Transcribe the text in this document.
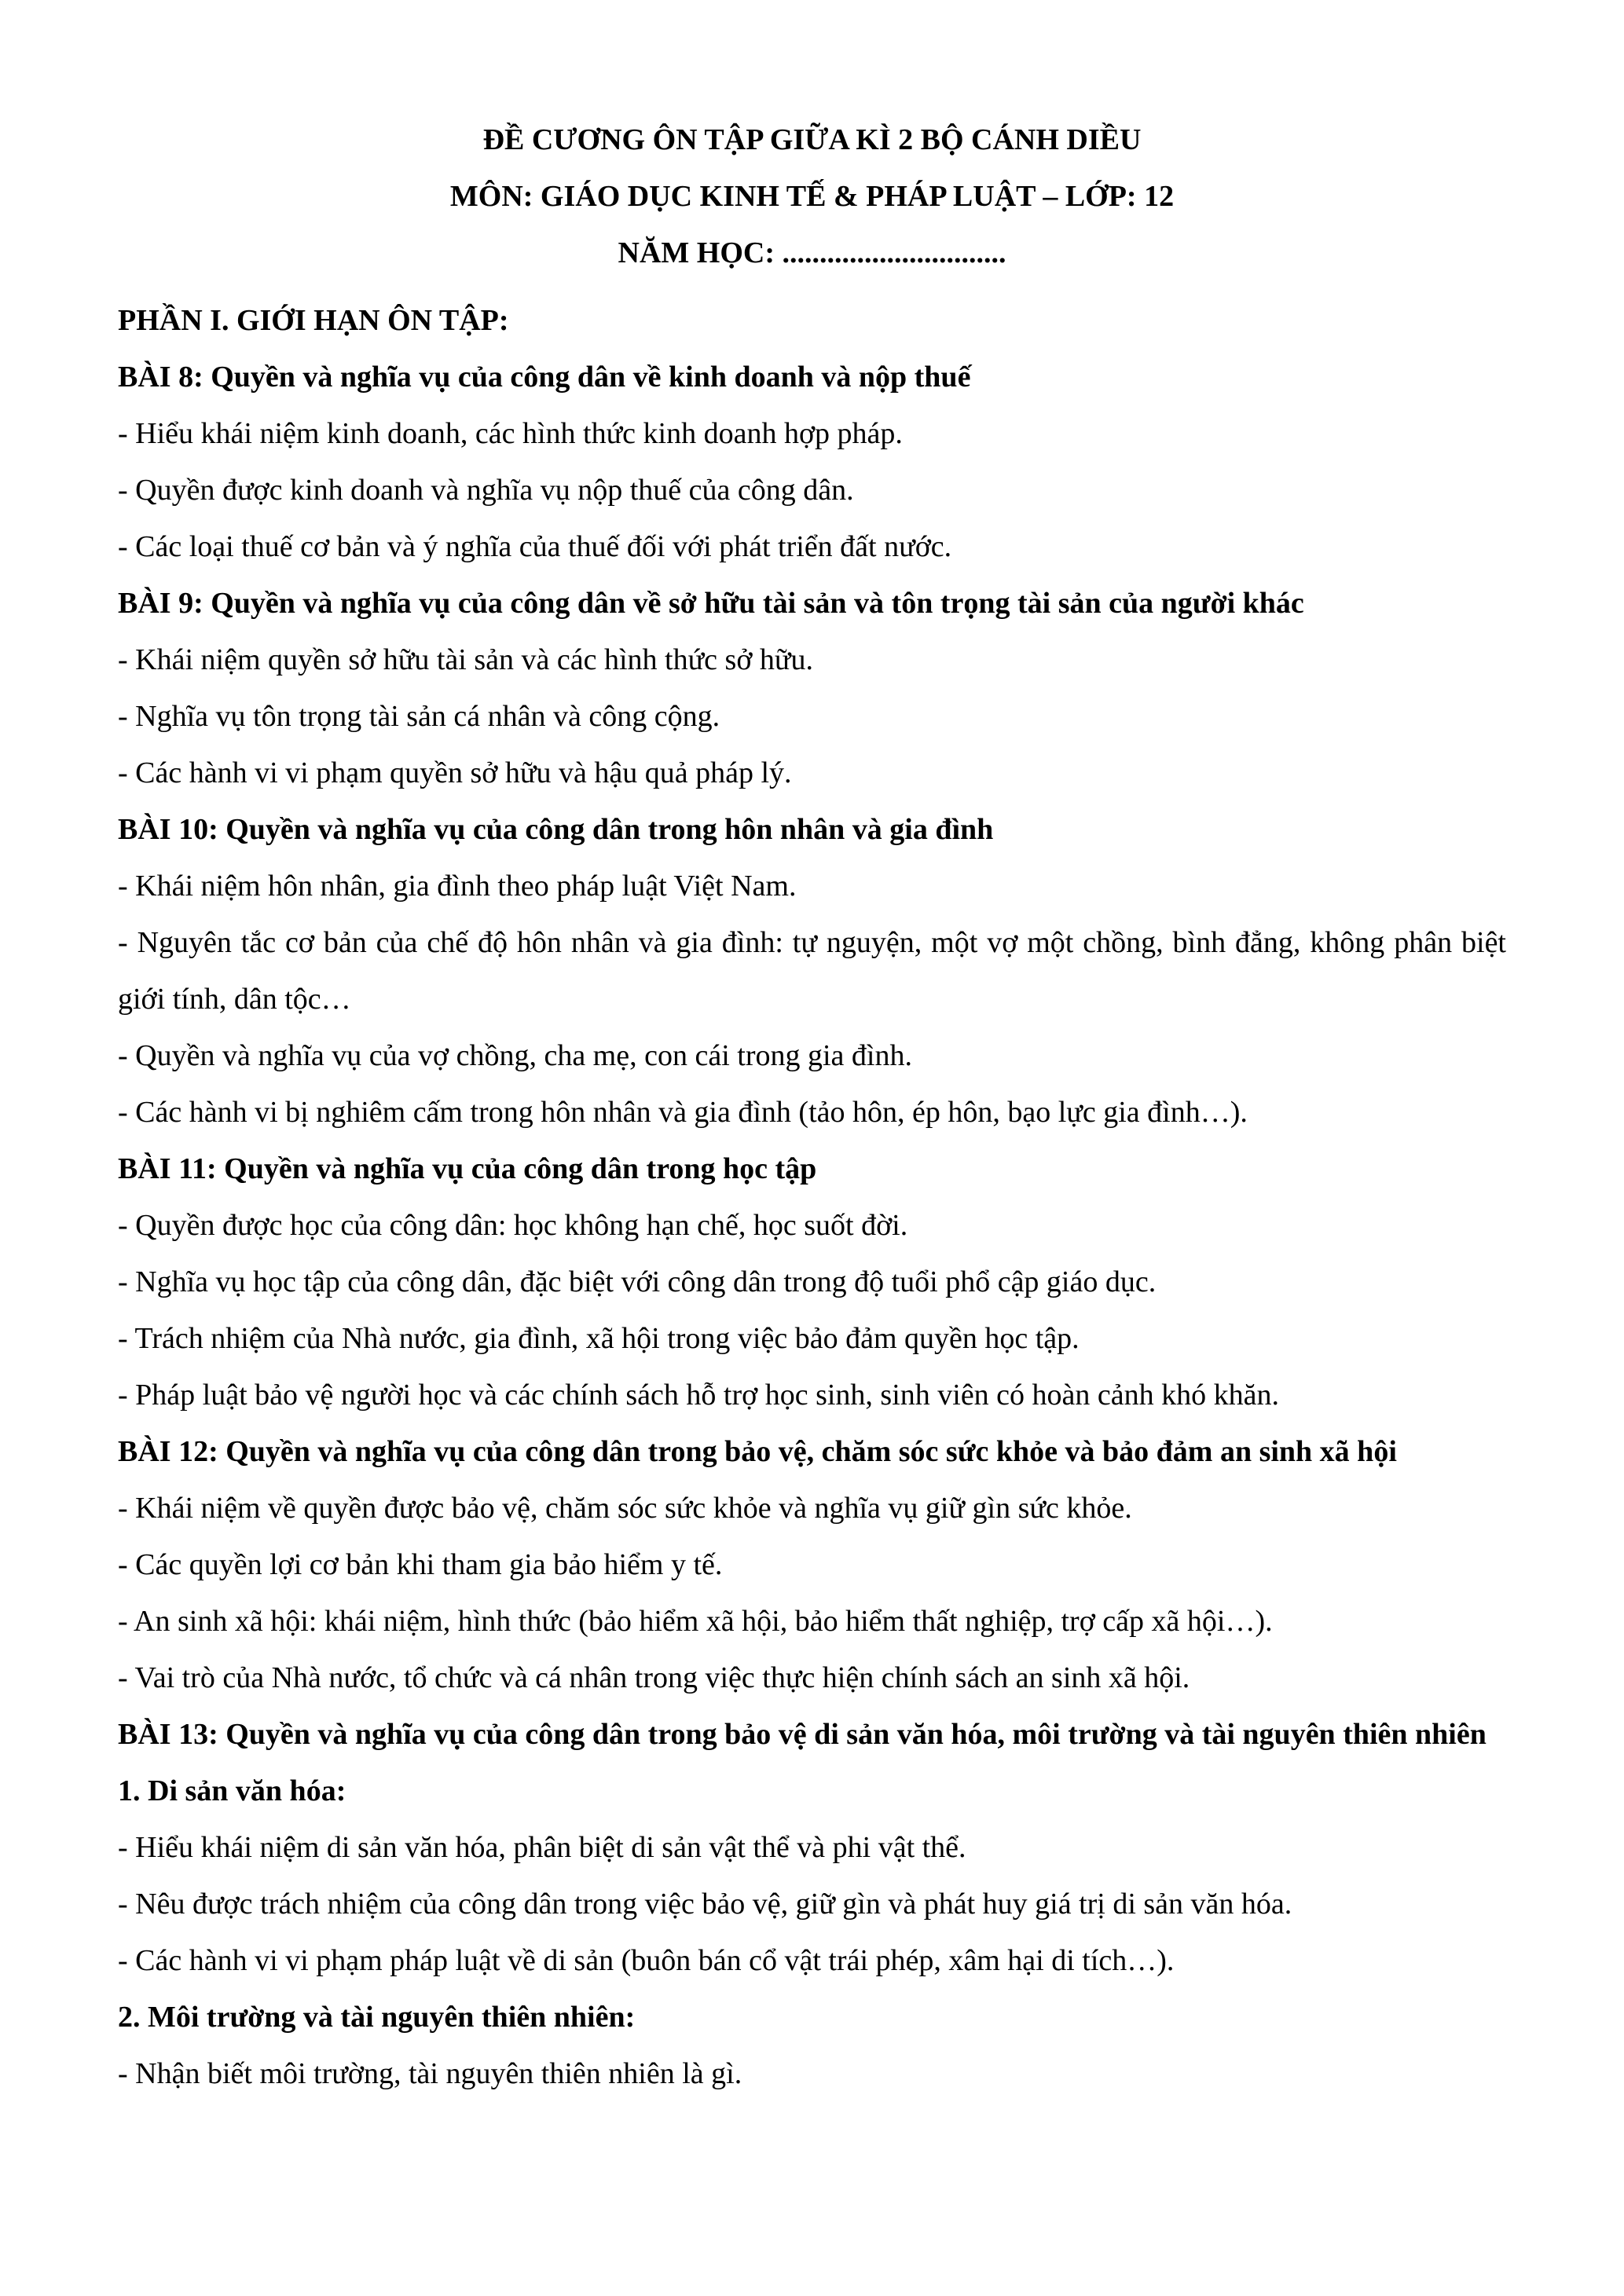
ĐỀ CƯƠNG ÔN TẬP GIỮA KÌ 2 BỘ CÁNH DIỀU
MÔN: GIÁO DỤC KINH TẾ & PHÁP LUẬT – LỚP: 12
NĂM HỌC: ..............................
PHẦN I. GIỚI HẠN ÔN TẬP:
BÀI 8: Quyền và nghĩa vụ của công dân về kinh doanh và nộp thuế
- Hiểu khái niệm kinh doanh, các hình thức kinh doanh hợp pháp.
- Quyền được kinh doanh và nghĩa vụ nộp thuế của công dân.
- Các loại thuế cơ bản và ý nghĩa của thuế đối với phát triển đất nước.
BÀI 9: Quyền và nghĩa vụ của công dân về sở hữu tài sản và tôn trọng tài sản của người khác
- Khái niệm quyền sở hữu tài sản và các hình thức sở hữu.
- Nghĩa vụ tôn trọng tài sản cá nhân và công cộng.
- Các hành vi vi phạm quyền sở hữu và hậu quả pháp lý.
BÀI 10: Quyền và nghĩa vụ của công dân trong hôn nhân và gia đình
- Khái niệm hôn nhân, gia đình theo pháp luật Việt Nam.
- Nguyên tắc cơ bản của chế độ hôn nhân và gia đình: tự nguyện, một vợ một chồng, bình đẳng, không phân biệt giới tính, dân tộc…
- Quyền và nghĩa vụ của vợ chồng, cha mẹ, con cái trong gia đình.
- Các hành vi bị nghiêm cấm trong hôn nhân và gia đình (tảo hôn, ép hôn, bạo lực gia đình…).
BÀI 11: Quyền và nghĩa vụ của công dân trong học tập
- Quyền được học của công dân: học không hạn chế, học suốt đời.
- Nghĩa vụ học tập của công dân, đặc biệt với công dân trong độ tuổi phổ cập giáo dục.
- Trách nhiệm của Nhà nước, gia đình, xã hội trong việc bảo đảm quyền học tập.
- Pháp luật bảo vệ người học và các chính sách hỗ trợ học sinh, sinh viên có hoàn cảnh khó khăn.
BÀI 12: Quyền và nghĩa vụ của công dân trong bảo vệ, chăm sóc sức khỏe và bảo đảm an sinh xã hội
- Khái niệm về quyền được bảo vệ, chăm sóc sức khỏe và nghĩa vụ giữ gìn sức khỏe.
- Các quyền lợi cơ bản khi tham gia bảo hiểm y tế.
- An sinh xã hội: khái niệm, hình thức (bảo hiểm xã hội, bảo hiểm thất nghiệp, trợ cấp xã hội…).
- Vai trò của Nhà nước, tổ chức và cá nhân trong việc thực hiện chính sách an sinh xã hội.
BÀI 13: Quyền và nghĩa vụ của công dân trong bảo vệ di sản văn hóa, môi trường và tài nguyên thiên nhiên
1. Di sản văn hóa:
- Hiểu khái niệm di sản văn hóa, phân biệt di sản vật thể và phi vật thể.
- Nêu được trách nhiệm của công dân trong việc bảo vệ, giữ gìn và phát huy giá trị di sản văn hóa.
- Các hành vi vi phạm pháp luật về di sản (buôn bán cổ vật trái phép, xâm hại di tích…).
2. Môi trường và tài nguyên thiên nhiên:
- Nhận biết môi trường, tài nguyên thiên nhiên là gì.
